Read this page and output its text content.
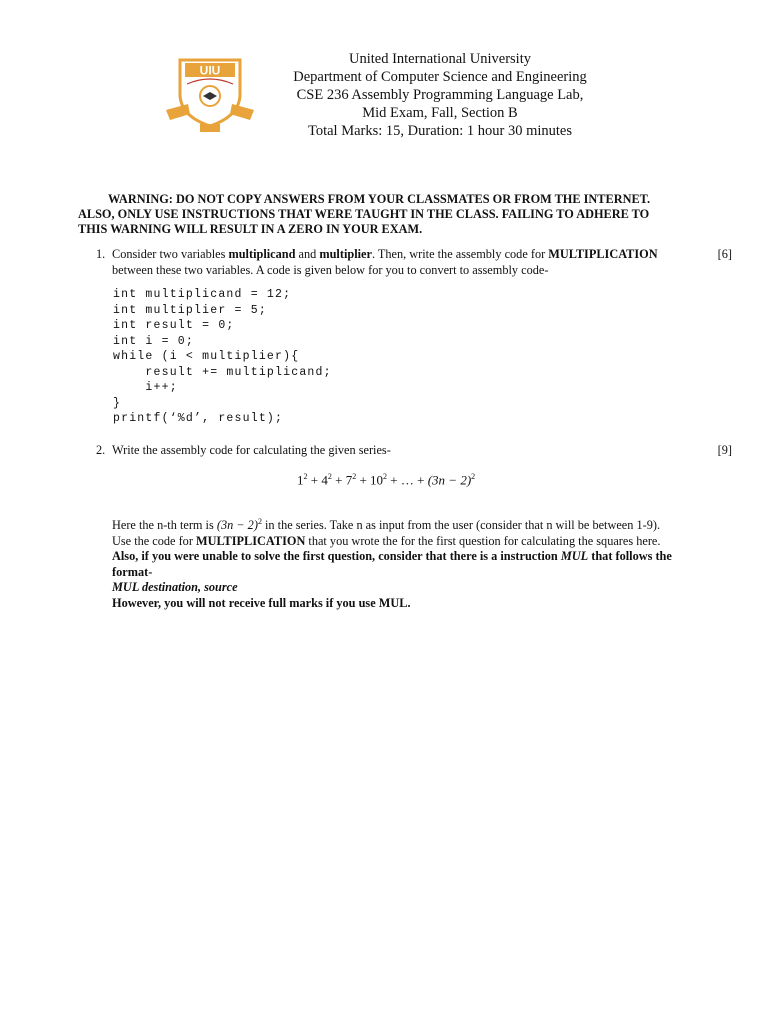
UIU
United International University
Department of Computer Science and Engineering
CSE 236 Assembly Programming Language Lab,
Mid Exam, Fall, Section B
Total Marks: 15, Duration: 1 hour 30 minutes
WARNING: DO NOT COPY ANSWERS FROM YOUR CLASSMATES OR FROM THE INTERNET.
ALSO, ONLY USE INSTRUCTIONS THAT WERE TAUGHT IN THE CLASS. FAILING TO ADHERE TO
THIS WARNING WILL RESULT IN A ZERO IN YOUR EXAM.
1. Consider two variables multiplicand and multiplier. Then, write the assembly code for MULTIPLICATION between these two variables. A code is given below for you to convert to assembly code-
[6]
int multiplicand = 12;
int multiplier = 5;
int result = 0;
int i = 0;
while (i < multiplier){
result += multiplicand;
i++;
}
printf(‘%d’, result);
2. Write the assembly code for calculating the given series-	[9]
$1^2 + 4^2 + 7^2 + 10^2$ + … + $(3n - 2)^2$

Here the n-th term is $(3n - 2)^2$ in the series. Take n as input from the user (consider that n will be between 1-9).

Use the code for MULTIPLICATION that you wrote the for the first question for calculating the squares here.

Also, if you were unable to solve the first question, consider that there is a instruction MUL that follows the format-

MUL destination, source

However, you will not receive full marks if you use MUL.
